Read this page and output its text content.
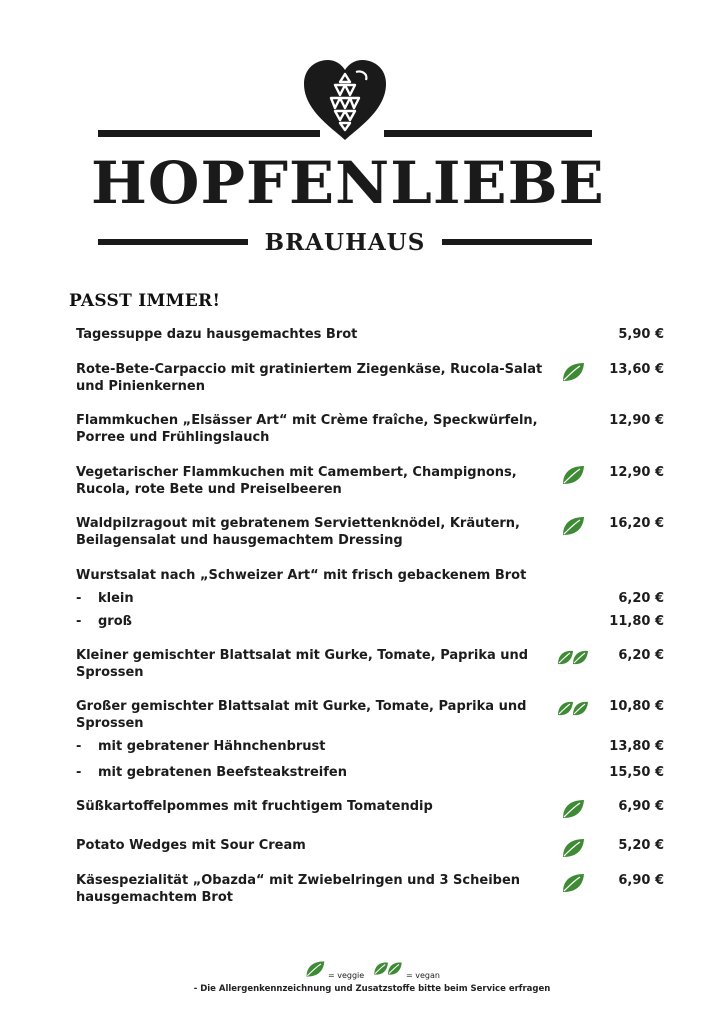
HOPFENLIEBE
BRAUHAUS
PASST IMMER!
Tagessuppe dazu hausgemachtes Brot	5,90 €
Rote-Bete-Carpaccio mit gratiniertem Ziegenkäse, Rucola-Salat und Pinienkernen
13,60 €
Flammkuchen „Elsässer Art“ mit Crème fraîche, Speckwürfeln, Porree und Frühlingslauch
12,90 €
Vegetarischer Flammkuchen mit Camembert, Champignons, Rucola, rote Bete und Preiselbeeren
12,90 €
Waldpilzragout mit gebratenem Serviettenknödel, Kräutern, Beilagensalat und hausgemachtem Dressing
16,20 €
Wurstsalat nach „Schweizer Art“ mit frisch gebackenem Brot
- klein	6,20 €
- groß	11,80 €
Kleiner gemischter Blattsalat mit Gurke, Tomate, Paprika und Sprossen
6,20 €
Großer gemischter Blattsalat mit Gurke, Tomate, Paprika und Sprossen
10,80 €
- mit gebratener Hähnchenbrust	13,80 €
- mit gebratenen Beefsteakstreifen	15,50 €
Süßkartoffelpommes mit fruchtigem Tomatendip	6,90 €
Potato Wedges mit Sour Cream	5,20 €
Käsespezialität „Obazda“ mit Zwiebelringen und 3 Scheiben hausgemachtem Brot
6,90 €
= veggie	= vegan
- Die Allergenkennzeichnung und Zusatzstoffe bitte beim Service erfragen
